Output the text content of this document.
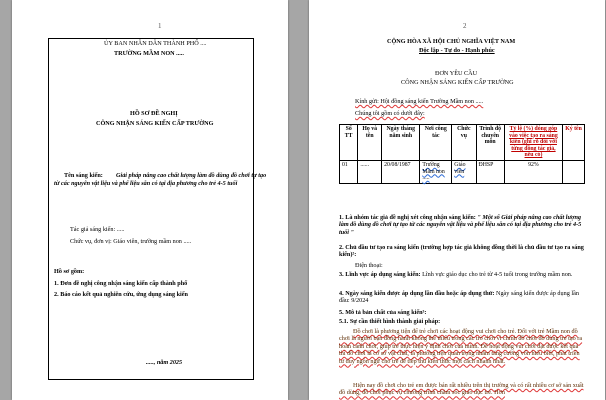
1
ỦY BAN NHÂN DÂN THÀNH PHỐ ....
TRƯỜNG MẦM NON .....
HỒ SƠ ĐỀ NGHỊ
CÔNG NHẬN SÁNG KIẾN CẤP TRƯỜNG
Tên sáng kiến: Giải pháp nâng cao chất lượng làm đồ dùng đồ chơi tự tạo
từ các nguyên vật liệu và phế liệu sẵn có tại địa phương cho trẻ 4-5 tuổi
Tác giả sáng kiến: .....
Chức vụ, đơn vị: Giáo viên, trường mầm non .....
Hồ sơ gồm:
1. Đơn đề nghị công nhận sáng kiến cấp thành phố
2. Báo cáo kết quả nghiên cứu, ứng dụng sáng kiến
....., năm 2025
2
CỘNG HÒA XÃ HỘI CHỦ NGHĨA VIỆT NAM
Độc lập - Tự do - Hạnh phúc
ĐƠN YÊU CẦU
CÔNG NHẬN SÁNG KIẾN CẤP TRƯỜNG
Kính gửi: Hội đồng sáng kiến Trường Mầm non .....
Chúng tôi gồm có dưới đây:
Số TT	Họ và tên	Ngày tháng năm sinh	Nơi công tác	Chức vụ	Trình độ chuyên môn	Tỷ lệ (%) đóng góp vào việc tạo ra sáng kiến (ghi rõ đối với từng đồng tác giả, nếu có)	Ký tên
01	......	20/08/1987	Trường Mầm non .....	Giáo viên	ĐHSP	92%	
1. Là nhóm tác giả đề nghị xét công nhận sáng kiến: " Một số Giải pháp nâng cao chất lượng làm đồ dùng đồ chơi tự tạo từ các nguyên vật liệu và phế liệu sẵn có tại địa phương cho trẻ 4-5 tuổi "
2. Chủ đầu tư tạo ra sáng kiến (trường hợp tác giả không đồng thời là chủ đầu tư tạo ra sáng kiến)²:
Điện thoại:
3. Lĩnh vực áp dụng sáng kiến: Lĩnh vực giáo dục cho trẻ từ 4-5 tuổi trong trường mầm non.
4. Ngày sáng kiến được áp dụng lần đầu hoặc áp dụng thử: Ngày sáng kiến được áp dụng lần đầu: 9/2024
5. Mô tả bản chất của sáng kiến³:
5.1. Sự cần thiết hình thành giải pháp:
Đồ chơi là phương tiện để trẻ chơi các hoạt động vui chơi cho trẻ. Đối với trẻ Mầm non đồ chơi là người bạn đồng hành không thể thiếu trong các trò chơi vì chính đồ chơi đồ dùng trẻ tạo ra hoàn cảnh chơi, giúp trẻ thực hiện ý định chơi của mình. Để hoạt động vui chơi đạt được kết quả thì đồ chơi là cơ sở vật chất, là phương tiện quan trọng nhằm tăng cường vốn hiểu biết, phát triển tư duy ngôn ngữ cho trẻ để tiếp thu kiến thức một cách nhanh nhất.
Hiện nay đồ chơi cho trẻ em được bán rất nhiều trên thị trường và có rất nhiều cơ sở sản xuất đồ dùng, đồ chơi phục vụ chương trình chăm sóc giáo dục trẻ. Hơn
